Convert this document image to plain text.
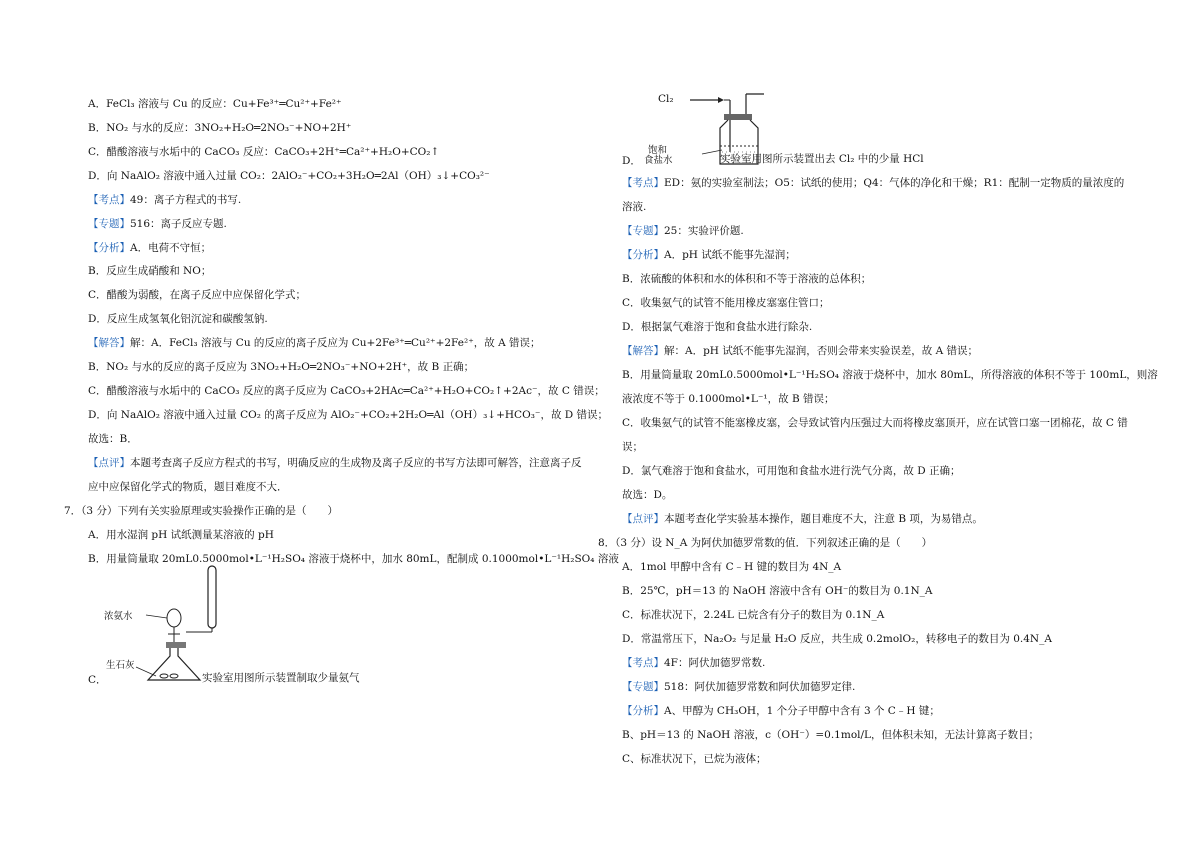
A．FeCl₃ 溶液与 Cu 的反应：Cu+Fe³⁺═Cu²⁺+Fe²⁺
B．NO₂ 与水的反应：3NO₂+H₂O═2NO₃⁻+NO+2H⁺
C．醋酸溶液与水垢中的 CaCO₃ 反应：CaCO₃+2H⁺═Ca²⁺+H₂O+CO₂↑
D．向 NaAlO₂ 溶液中通入过量 CO₂：2AlO₂⁻+CO₂+3H₂O═2Al（OH）₃↓+CO₃²⁻
【考点】49：离子方程式的书写.
【专题】516：离子反应专题.
【分析】A．电荷不守恒；
B．反应生成硝酸和 NO；
C．醋酸为弱酸，在离子反应中应保留化学式；
D．反应生成氢氧化铝沉淀和碳酸氢钠.
【解答】解：A．FeCl₃ 溶液与 Cu 的反应的离子反应为 Cu+2Fe³⁺═Cu²⁺+2Fe²⁺，故 A 错误；
B．NO₂ 与水的反应的离子反应为 3NO₂+H₂O═2NO₃⁻+NO+2H⁺，故 B 正确；
C．醋酸溶液与水垢中的 CaCO₃ 反应的离子反应为 CaCO₃+2HAc═Ca²⁺+H₂O+CO₂↑+2Ac⁻，故 C 错误；
D．向 NaAlO₂ 溶液中通入过量 CO₂ 的离子反应为 AlO₂⁻+CO₂+2H₂O═Al（OH）₃↓+HCO₃⁻，故 D 错误；
故选：B．
【点评】本题考查离子反应方程式的书写，明确反应的生成物及离子反应的书写方法即可解答，注意离子反
应中应保留化学式的物质，题目难度不大．
7．（3 分）下列有关实验原理或实验操作正确的是（　　）
A．用水湿润 pH 试纸测量某溶液的 pH
B．用量筒量取 20mL0.5000mol•L⁻¹H₂SO₄ 溶液于烧杯中，加水 80mL，配制成 0.1000mol•L⁻¹H₂SO₄ 溶液
【考点】ED：氨的实验室制法；O5：试纸的使用；Q4：气体的净化和干燥；R1：配制一定物质的量浓度的
溶液.
【专题】25：实验评价题.
【分析】A．pH 试纸不能事先湿润；
B．浓硫酸的体积和水的体积和不等于溶液的总体积；
C．收集氨气的试管不能用橡皮塞塞住管口；
D．根据氯气难溶于饱和食盐水进行除杂.
【解答】解：A．pH 试纸不能事先湿润，否则会带来实验误差，故 A 错误；
B．用量筒量取 20mL0.5000mol•L⁻¹H₂SO₄ 溶液于烧杯中，加水 80mL，所得溶液的体积不等于 100mL，则溶
液浓度不等于 0.1000mol•L⁻¹，故 B 错误；
C．收集氨气的试管不能塞橡皮塞，会导致试管内压强过大而将橡皮塞顶开，应在试管口塞一团棉花，故 C 错
误；
D．氯气难溶于饱和食盐水，可用饱和食盐水进行洗气分离，故 D 正确；
故选：D。
【点评】本题考查化学实验基本操作，题目难度不大，注意 B 项，为易错点。
8．（3 分）设 N_A 为阿伏加德罗常数的值．下列叙述正确的是（　　）
A．1mol 甲醇中含有 C﹣H 键的数目为 4N_A
B．25℃，pH＝13 的 NaOH 溶液中含有 OH⁻的数目为 0.1N_A
C．标准状况下，2.24L 已烷含有分子的数目为 0.1N_A
D．常温常压下，Na₂O₂ 与足量 H₂O 反应，共生成 0.2molO₂，转移电子的数目为 0.4N_A
【考点】4F：阿伏加德罗常数.
【专题】518：阿伏加德罗常数和阿伏加德罗定律.
【分析】A、甲醇为 CH₃OH，1 个分子甲醇中含有 3 个 C﹣H 键；
B、pH＝13 的 NaOH 溶液，c（OH⁻）=0.1mol/L，但体积未知，无法计算离子数目；
C、标准状况下，已烷为液体；
浓氨水
生石灰
C．	实验室用图所示装置制取少量氨气
Cl₂
饱和
食盐水
D．	实验室用图所示装置出去 Cl₂ 中的少量 HCl
